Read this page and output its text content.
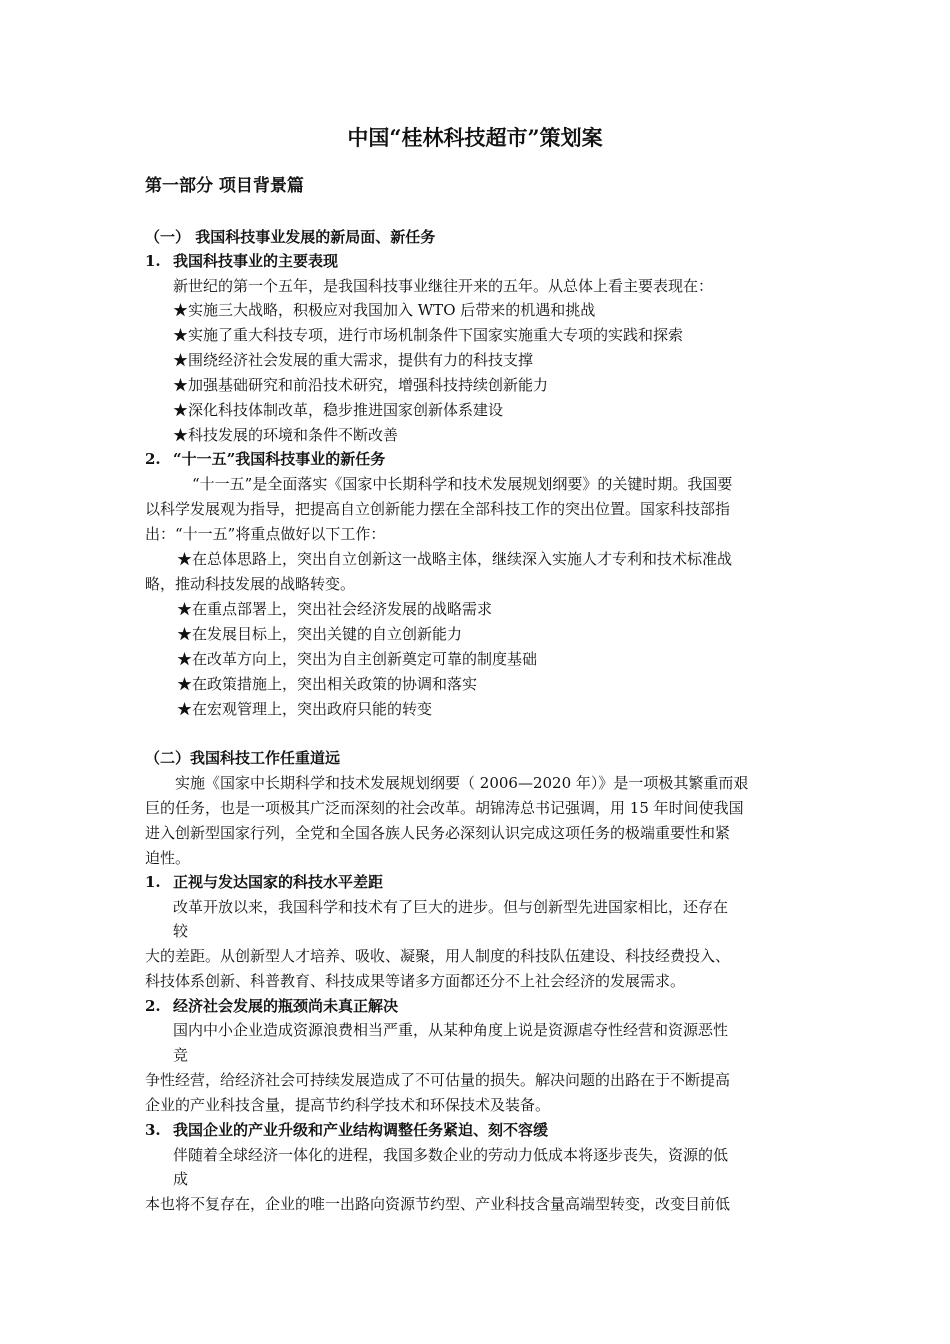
中国“桂林科技超市”策划案
第一部分 项目背景篇
（一） 我国科技事业发展的新局面、新任务
1. 我国科技事业的主要表现
新世纪的第一个五年，是我国科技事业继往开来的五年。从总体上看主要表现在：
★实施三大战略，积极应对我国加入 WTO 后带来的机遇和挑战
★实施了重大科技专项，进行市场机制条件下国家实施重大专项的实践和探索
★围绕经济社会发展的重大需求，提供有力的科技支撑
★加强基础研究和前沿技术研究，增强科技持续创新能力
★深化科技体制改革，稳步推进国家创新体系建设
★科技发展的环境和条件不断改善
2. “十一五”我国科技事业的新任务
　“十一五”是全面落实《国家中长期科学和技术发展规划纲要》的关键时期。我国要
以科学发展观为指导，把提高自立创新能力摆在全部科技工作的突出位置。国家科技部指
出：“十一五”将重点做好以下工作：
★在总体思路上，突出自立创新这一战略主体，继续深入实施人才专利和技术标准战
略，推动科技发展的战略转变。
★在重点部署上，突出社会经济发展的战略需求
★在发展目标上，突出关键的自立创新能力
★在改革方向上，突出为自主创新奠定可靠的制度基础
★在政策措施上，突出相关政策的协调和落实
★在宏观管理上，突出政府只能的转变
（二）我国科技工作任重道远
　　实施《国家中长期科学和技术发展规划纲要（ 2006—2020 年）》是一项极其繁重而艰
巨的任务，也是一项极其广泛而深刻的社会改革。胡锦涛总书记强调，用 15 年时间使我国
进入创新型国家行列，全党和全国各族人民务必深刻认识完成这项任务的极端重要性和紧
迫性。
1. 正视与发达国家的科技水平差距
改革开放以来，我国科学和技术有了巨大的进步。但与创新型先进国家相比，还存在
较
大的差距。从创新型人才培养、吸收、凝聚，用人制度的科技队伍建设、科技经费投入、
科技体系创新、科普教育、科技成果等诸多方面都还分不上社会经济的发展需求。
2. 经济社会发展的瓶颈尚未真正解决
国内中小企业造成资源浪费相当严重，从某种角度上说是资源虐夺性经营和资源恶性
竞
争性经营，给经济社会可持续发展造成了不可估量的损失。解决问题的出路在于不断提高
企业的产业科技含量，提高节约科学技术和环保技术及装备。
3. 我国企业的产业升级和产业结构调整任务紧迫、刻不容缓
伴随着全球经济一体化的进程，我国多数企业的劳动力低成本将逐步丧失，资源的低
成
本也将不复存在，企业的唯一出路向资源节约型、产业科技含量高端型转变，改变目前低
